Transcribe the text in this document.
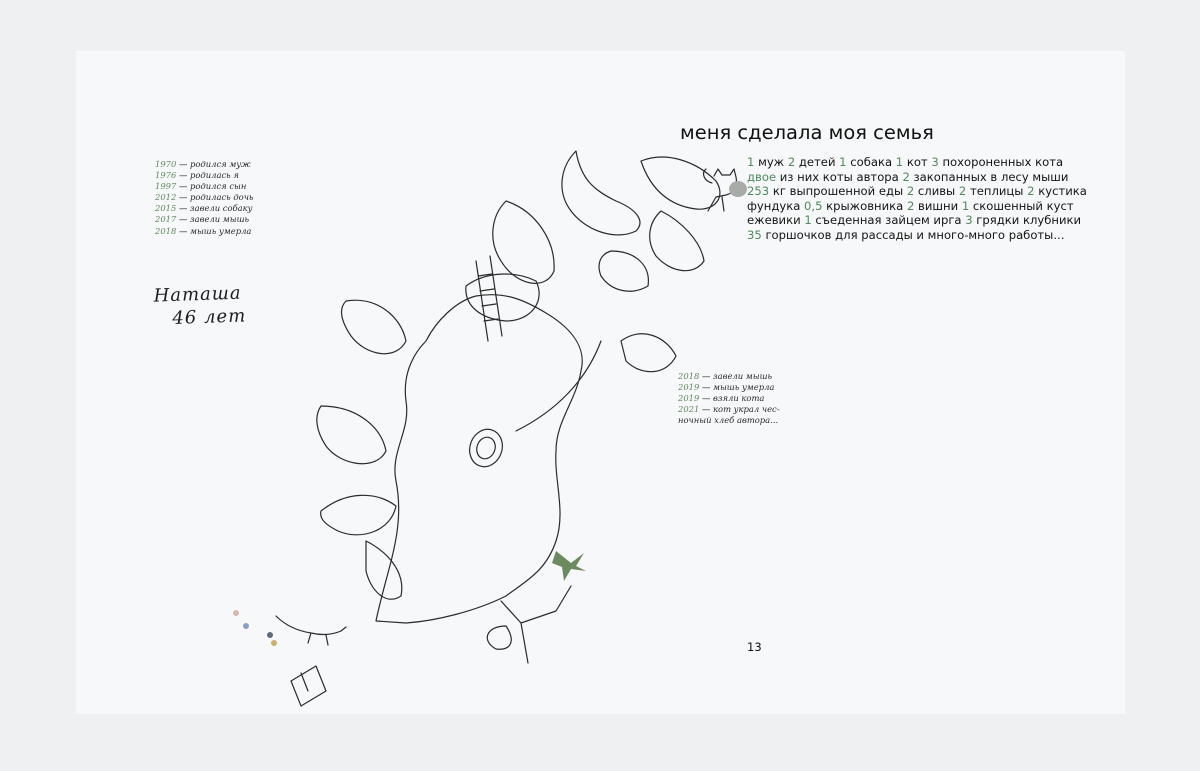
1970 — родился муж
1976 — родилась я
1997 — родился сын
2012 — родилась дочь
2015 — завели собаку
2017 — завели мышь
2018 — мышь умерла
Наташа
46 лет
меня сделала моя семья
1 муж 2 детей 1 собака 1 кот 3 похороненных кота
двое из них коты автора 2 закопанных в лесу мыши
253 кг выпрошенной еды 2 сливы 2 теплицы 2 кустика
фундука 0,5 крыжовника 2 вишни 1 скошенный куст
ежевики 1 съеденная зайцем ирга 3 грядки клубники
35 горшочков для рассады и много-много работы...
2018 — завели мышь
2019 — мышь умерла
2019 — взяли кота
2021 — кот украл чес-
ночный хлеб автора...
13
